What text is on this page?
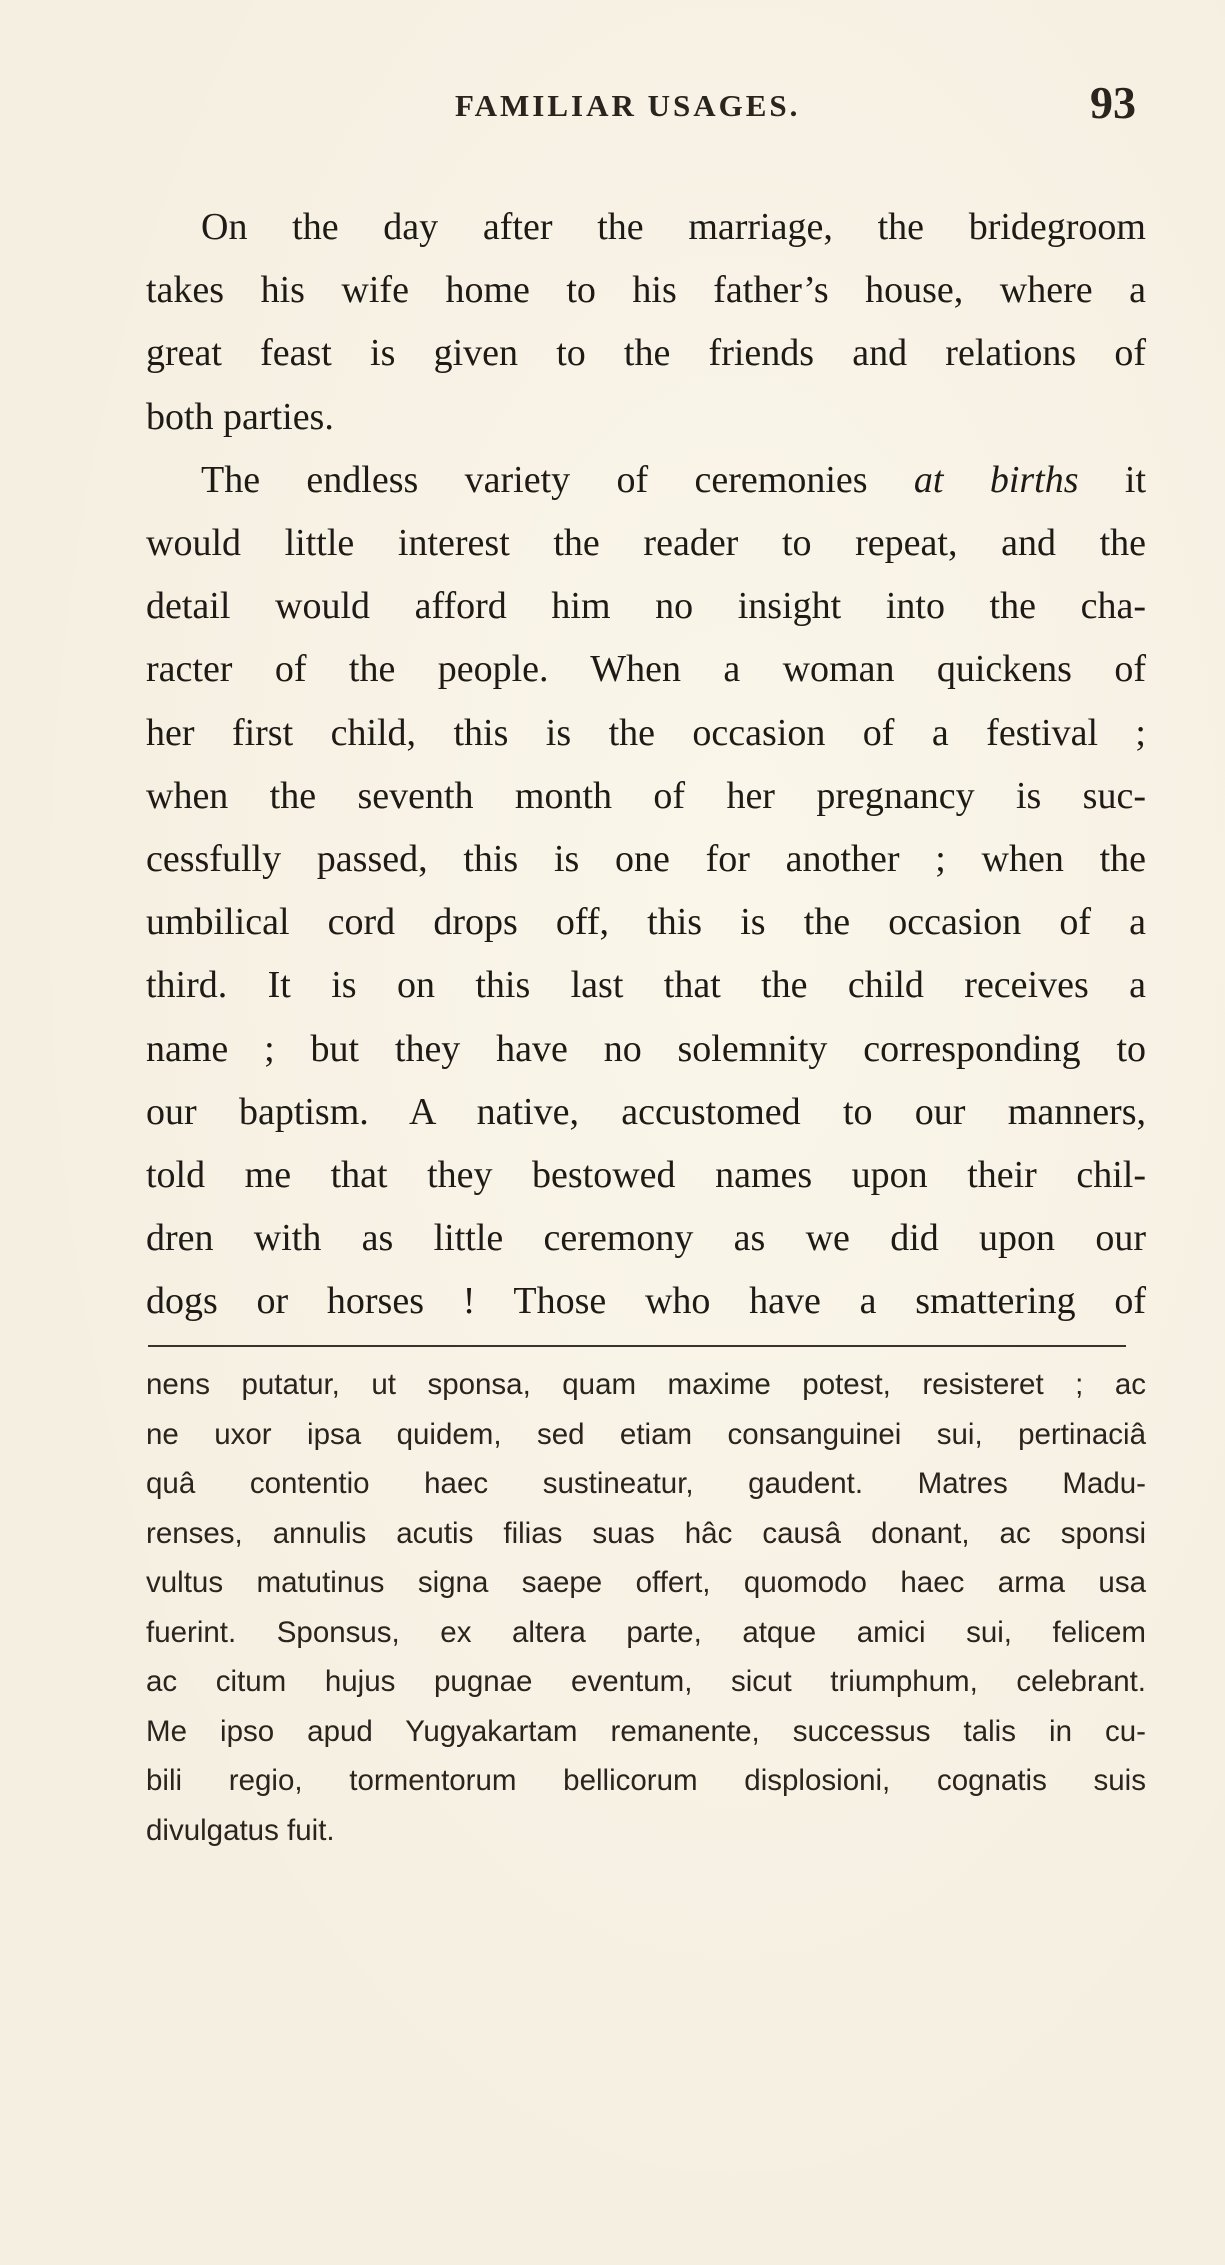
FAMILIAR USAGES.	93
On the day after the marriage, the bridegroom
takes his wife home to his father’s house, where a
great feast is given to the friends and relations of
both parties.
The endless variety of ceremonies at births it
would little interest the reader to repeat, and the
detail would afford him no insight into the cha-
racter of the people. When a woman quickens of
her first child, this is the occasion of a festival ;
when the seventh month of her pregnancy is suc-
cessfully passed, this is one for another ; when the
umbilical cord drops off, this is the occasion of a
third. It is on this last that the child receives a
name ; but they have no solemnity corresponding to
our baptism. A native, accustomed to our manners,
told me that they bestowed names upon their chil-
dren with as little ceremony as we did upon our
dogs or horses ! Those who have a smattering of
nens putatur, ut sponsa, quam maxime potest, resisteret ; ac
ne uxor ipsa quidem, sed etiam consanguinei sui, pertinaciâ
quâ contentio haec sustineatur, gaudent. Matres Madu-
renses, annulis acutis filias suas hâc causâ donant, ac sponsi
vultus matutinus signa saepe offert, quomodo haec arma usa
fuerint. Sponsus, ex altera parte, atque amici sui, felicem
ac citum hujus pugnae eventum, sicut triumphum, celebrant.
Me ipso apud Yugyakartam remanente, successus talis in cu-
bili regio, tormentorum bellicorum displosioni, cognatis suis
divulgatus fuit.
